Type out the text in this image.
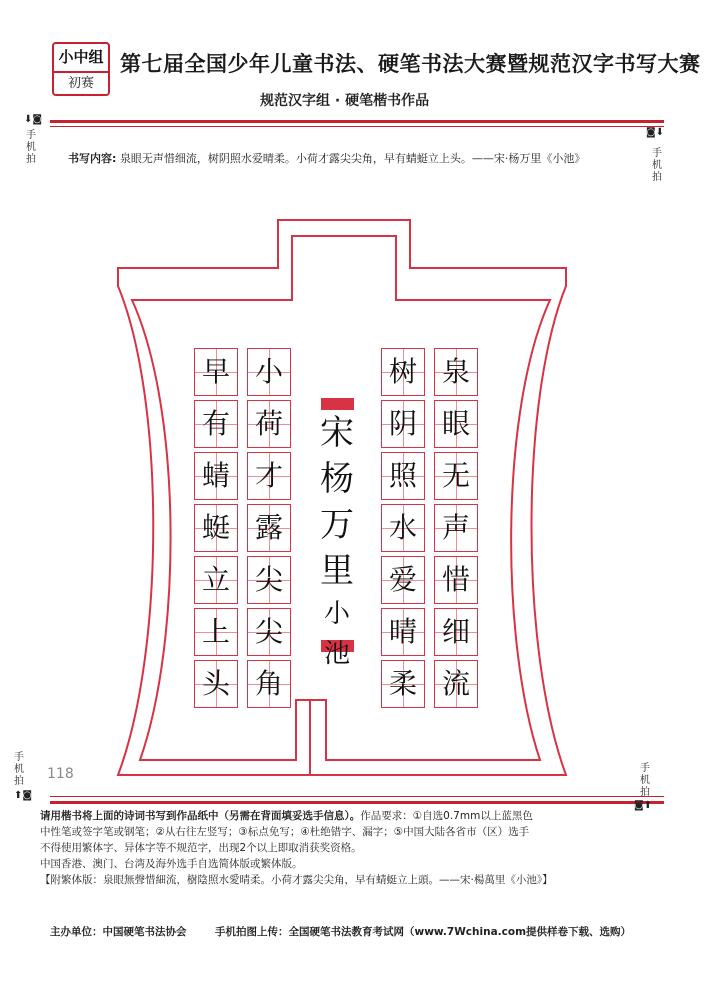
小中组
初赛
第七届全国少年儿童书法、硬笔书法大赛暨规范汉字书写大赛
规范汉字组 · 硬笔楷书作品
⬇◙
手机拍
◙⬇
手机拍
手机拍
⬆◙
手机拍
◙⬆
书写内容: 泉眼无声惜细流，树阴照水爱晴柔。小荷才露尖尖角，早有蜻蜓立上头。——宋·杨万里《小池》
118
泉
眼
无
声
惜
细
流
树
阴
照
水
爱
晴
柔
小
荷
才
露
尖
尖
角
早
有
蜻
蜓
立
上
头
宋
杨
万
里
小
池
请用楷书将上面的诗词书写到作品纸中（另需在背面填妥选手信息）。作品要求：①自选0.7mm以上蓝黑色
中性笔或签字笔或钢笔；②从右往左竖写；③标点免写；④杜绝错字、漏字；⑤中国大陆各省市（区）选手
不得使用繁体字、异体字等不规范字，出现2个以上即取消获奖资格。
中国香港、澳门、台湾及海外选手自选简体版或繁体版。
【附繁体版：泉眼無聲惜細流，樹陰照水愛晴柔。小荷才露尖尖角，早有蜻蜓立上頭。——宋·楊萬里《小池》】
主办单位：中国硬笔书法协会	手机拍图上传：全国硬笔书法教育考试网（www.7Wchina.com提供样卷下载、选购）
